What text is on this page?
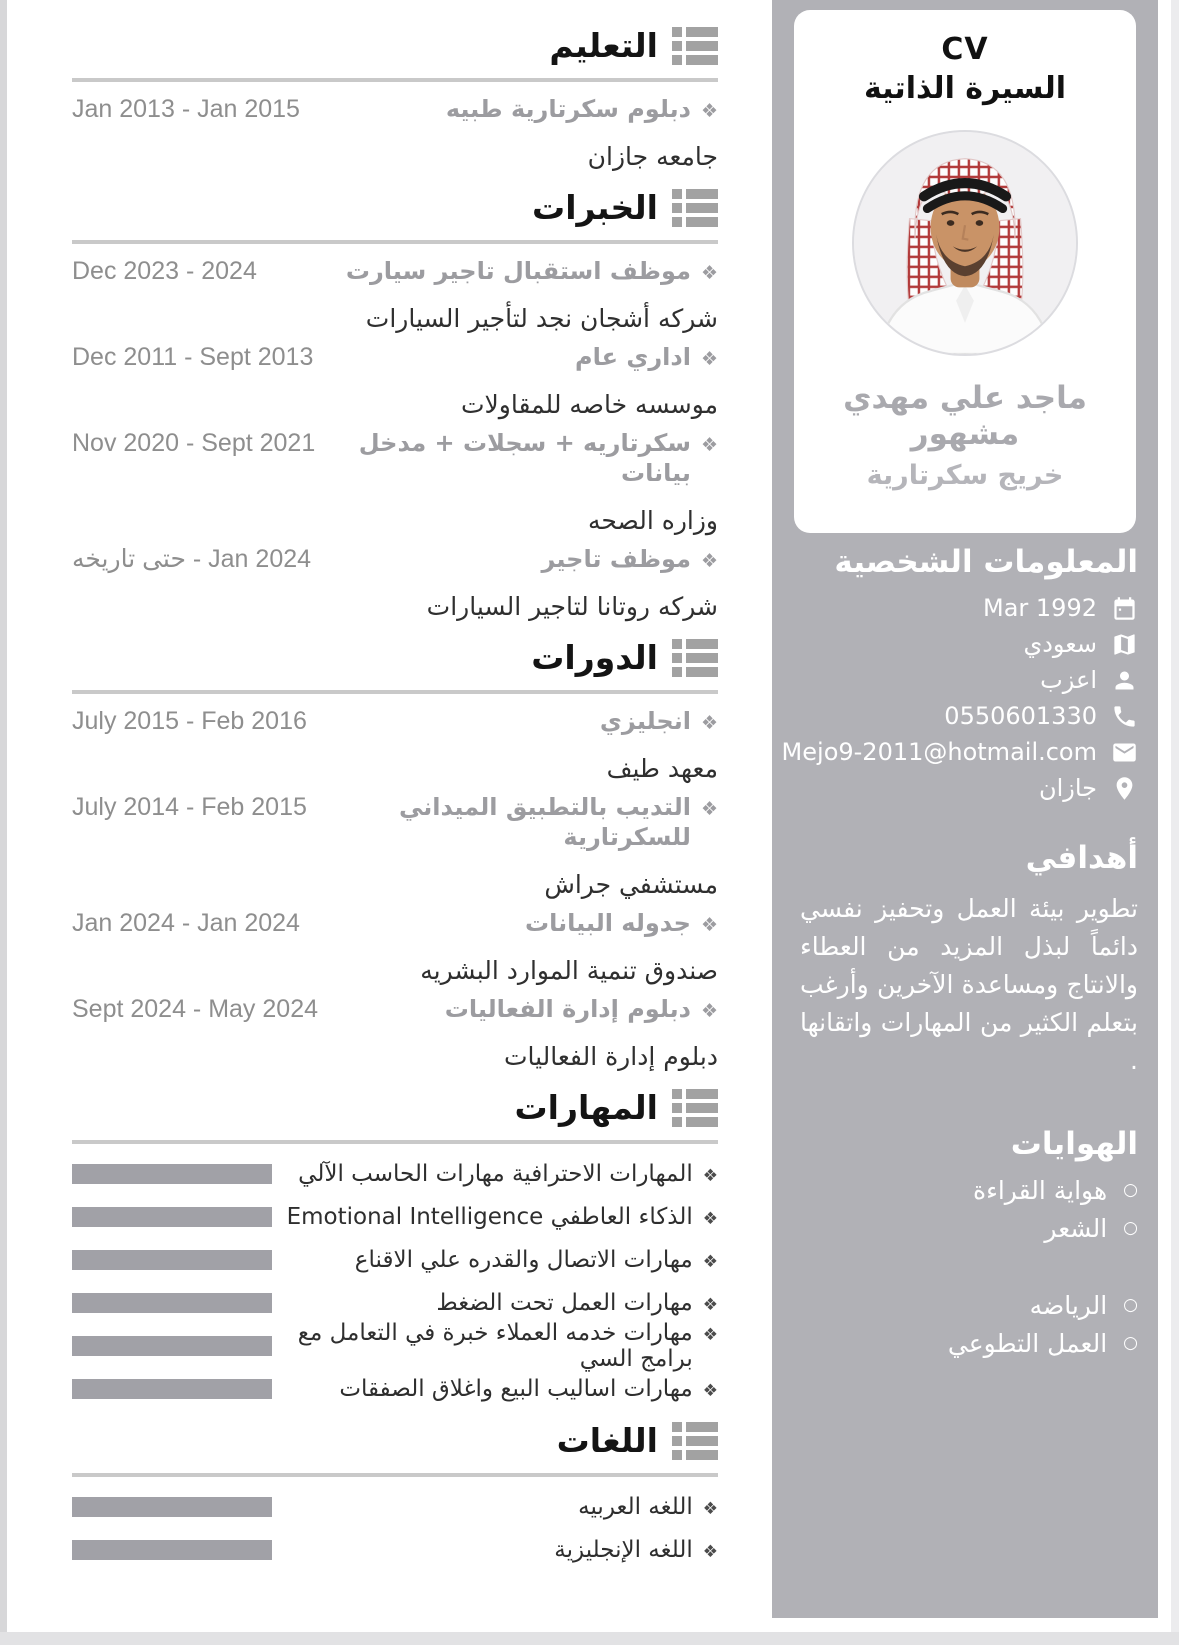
التعليم
❖
دبلوم سكرتارية طبيه
Jan 2013 - Jan 2015
جامعه جازان
الخبرات
❖
موظف استقبال تاجير سيارت
Dec 2023 - 2024
شركه أشجان نجد لتأجير السيارات
❖
اداري عام
Dec 2011 - Sept 2013
موسسه خاصه للمقاولات
❖
سكرتاريه + سجلات + مدخل بيانات
Nov 2020 - Sept 2021
وزاره الصحه
❖
موظف تاجير
Jan 2024 - حتى تاريخه
شركه روتانا لتاجير السيارات
الدورات
❖
انجليزي
July 2015 - Feb 2016
معهد طيف
❖
التديب بالتطبيق الميداني للسكرتارية
July 2014 - Feb 2015
مستشفي جراش
❖
جدوله البيانات
Jan 2024 - Jan 2024
صندوق تنمية الموارد البشريه
❖
دبلوم إدارة الفعاليات
Sept 2024 - May 2024
دبلوم إدارة الفعاليات
المهارات
❖
المهارات الاحترافية مهارات الحاسب الآلي
❖
الذكاء العاطفي Emotional Intelligence
❖
مهارات الاتصال والقدره علي الاقناع
❖
مهارات العمل تحت الضغط
❖
مهارات خدمه العملاء خبرة في التعامل مع برامج السي
❖
مهارات اساليب البيع واغلاق الصفقات
اللغات
❖
اللغه العربيه
❖
اللغه الإنجليزية
CV
السيرة الذاتية
ماجد علي مهدي مشهور
خريج سكرتارية
المعلومات الشخصية
Mar 1992
سعودي
اعزب
0550601330
Mejo9-2011@hotmail.com
جازان
أهدافي
تطوير بيئة العمل وتحفيز نفسي دائماً لبذل المزيد من العطاء والانتاج ومساعدة الآخرين وأرغب بتعلم الكثير من المهارات واتقانها .
الهوايات
○
هواية القراءة
○
الشعر
○
الرياضه
○
العمل التطوعي
